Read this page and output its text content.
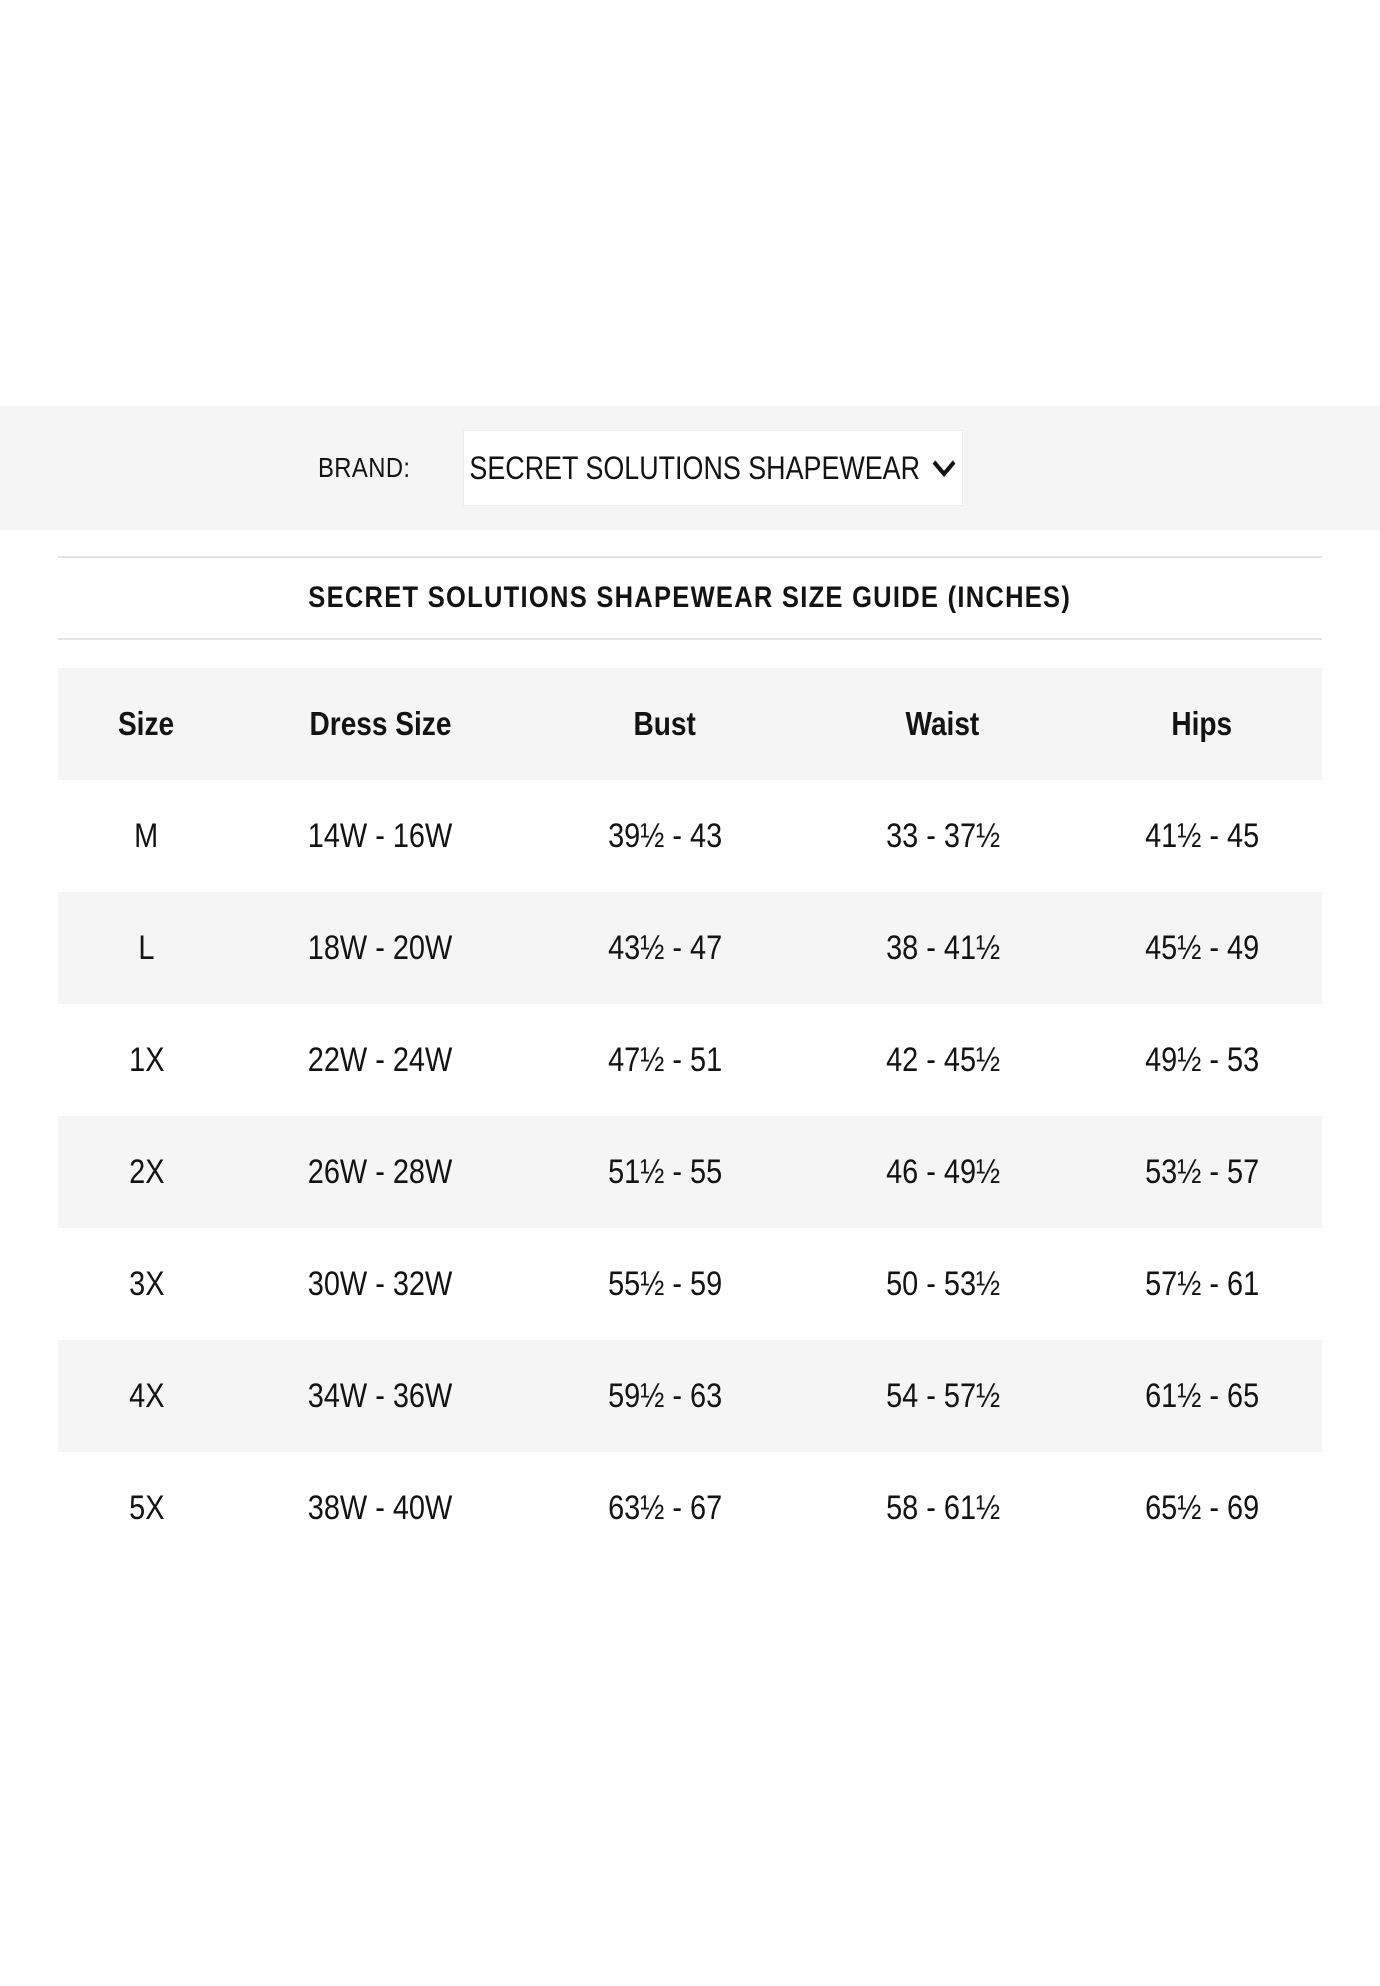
BRAND:	SECRET SOLUTIONS SHAPEWEAR
SECRET SOLUTIONS SHAPEWEAR SIZE GUIDE (INCHES)
Size	Dress Size	Bust	Waist	Hips
M	14W - 16W	39½ - 43	33 - 37½	41½ - 45
L	18W - 20W	43½ - 47	38 - 41½	45½ - 49
1X	22W - 24W	47½ - 51	42 - 45½	49½ - 53
2X	26W - 28W	51½ - 55	46 - 49½	53½ - 57
3X	30W - 32W	55½ - 59	50 - 53½	57½ - 61
4X	34W - 36W	59½ - 63	54 - 57½	61½ - 65
5X	38W - 40W	63½ - 67	58 - 61½	65½ - 69
